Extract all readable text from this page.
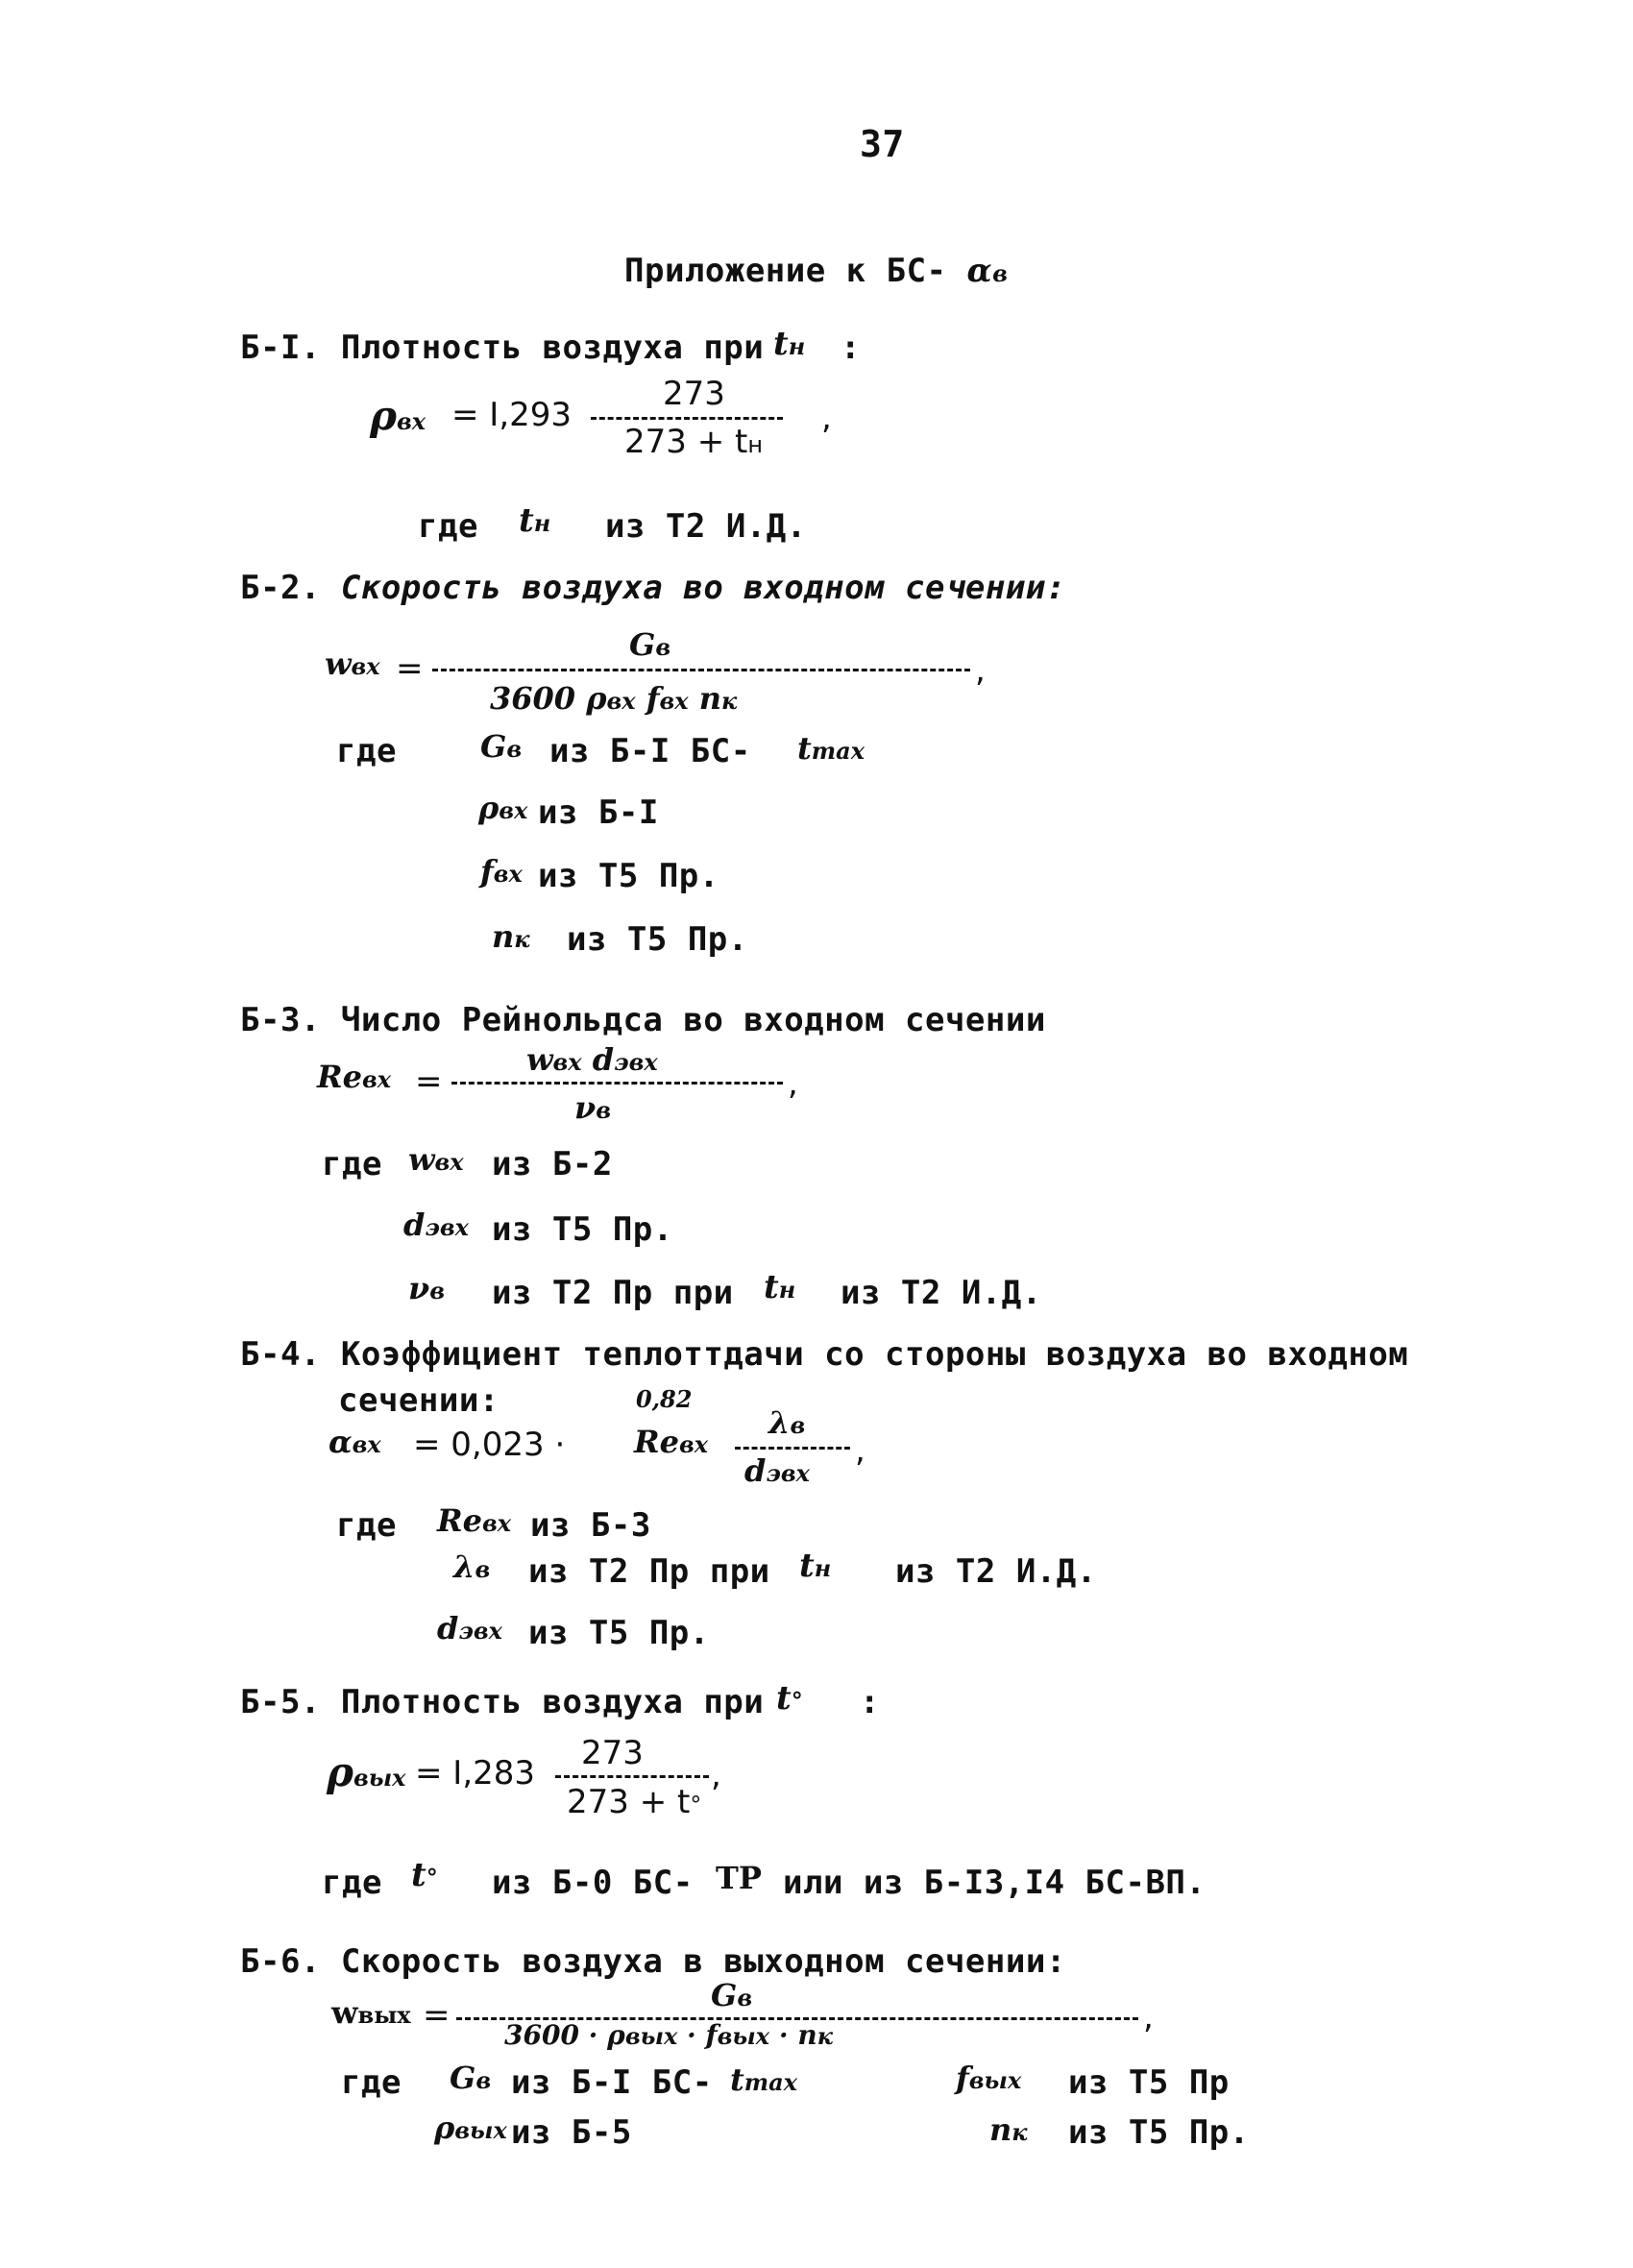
37
Приложение к БС- αв
Б-I. Плотность воздуха при tн :
ρвх = I,293
273
273 + tн
,
где tн из Т2 И.Д.
Б-2. Скорость воздуха во входном сечении:
wвх =
Gв
3600 ρвх fвх nк
,
где	Gв из Б-I БС- tmax
ρвх из Б-I
fвх из Т5 Пр.
nк из Т5 Пр.
Б-3. Число Рейнольдса во входном сечении
Reвх =
wвх dэвх
νв
,
где wвх из Б-2
dэвх из Т5 Пр.
νв из Т2 Пр при tн из Т2 И.Д.
Б-4. Коэффициент теплоттдачи со стороны воздуха во входном
сечении:
αвх = 0,023 · Reвх
0,82
λв
dэвх
,
где Reвх из Б-3
λв из Т2 Пр при tн из Т2 И.Д.
dэвх из Т5 Пр.
Б-5. Плотность воздуха при t° :
ρвых = I,283
273
273 + t°
,
где t° из Б-0 БС- ТР или из Б-I3,I4 БС-ВП.
Б-6. Скорость воздуха в выходном сечении:
wвых =
Gв
3600 · ρвых · fвых · nк	,
где Gв из Б-I БС- tmax
ρвых из Б-5
fвых из Т5 Пр
nк из Т5 Пр.
